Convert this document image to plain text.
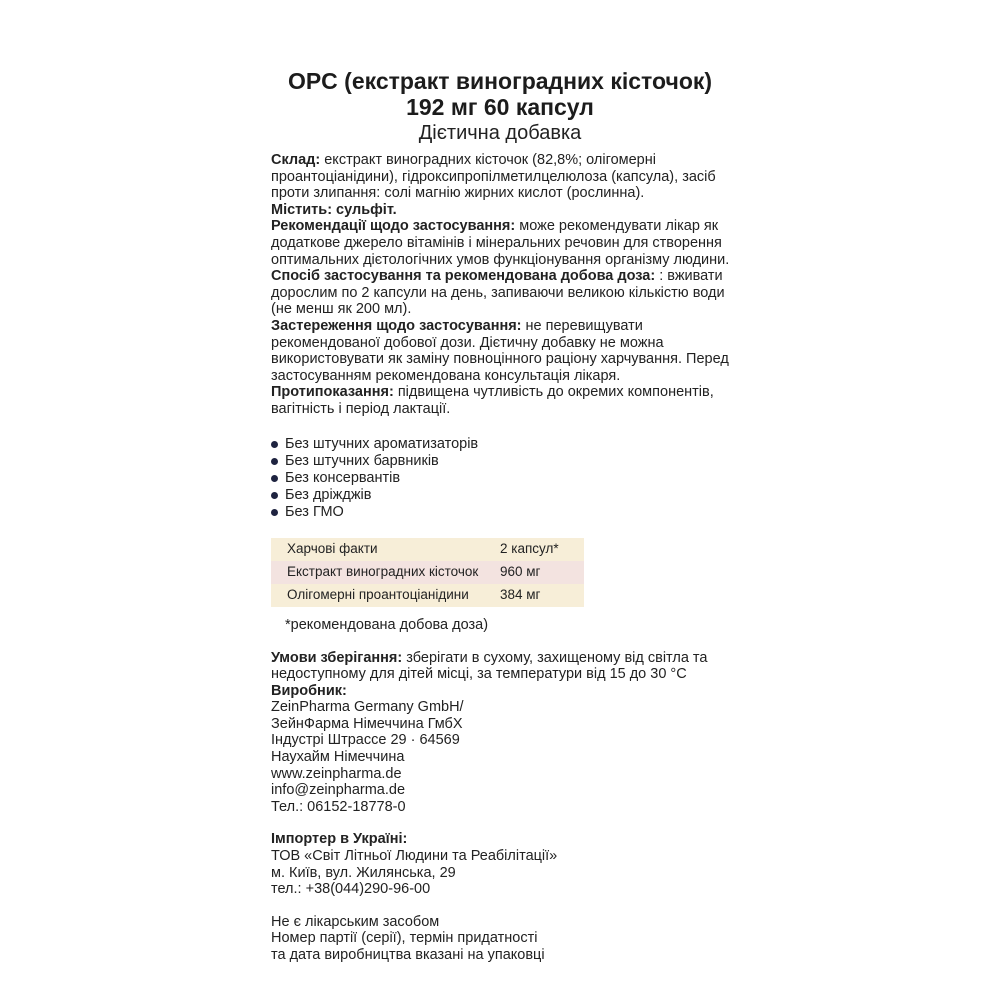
OPC (екстракт виноградних кісточок)
192 мг 60 капсул
Дієтична добавка

Склад: екстракт виноградних кісточок (82,8%; олігомерні проантоціанідини), гідроксипропілметилцелюлоза (капсула), засіб проти злипання: солі магнію жирних кислот (рослинна).

Містить: сульфіт.

Рекомендації щодо застосування: може рекомендувати лікар як додаткове джерело вітамінів і мінеральних речовин для створення оптимальних дієтологічних умов функціонування організму людини.

Спосіб застосування та рекомендована добова доза: : вживати дорослим по 2 капсули на день, запиваючи великою кількістю води (не менш як 200 мл).

Застереження щодо застосування: не перевищувати рекомендованої добової дози. Дієтичну добавку не можна використовувати як заміну повноцінного раціону харчування. Перед застосуванням рекомендована консультація лікаря.

Протипоказання: підвищена чутливість до окремих компонентів, вагітність і період лактації.

Без штучних ароматизаторів
Без штучних барвників
Без консервантів
Без дріжджів
Без ГМО
Харчові факти	2 капсул*
Екстракт виноградних кісточок	960 мг
Олігомерні проантоціанідини	384 мг

*рекомендована добова доза)

Умови зберігання: зберігати в сухому, захищеному від світла та недоступному для дітей місці, за температури від 15 до 30 °C

Виробник:
ZeinPharma Germany GmbH/
ЗейнФарма Німеччина ГмбХ
Індустрі Штрассе 29 · 64569
Наухайм Німеччина
www.zeinpharma.de
info@zeinpharma.de
Тел.: 06152-18778-0
Імпортер в Україні:
ТОВ «Світ Літньої Людини та Реабілітації»
м. Київ, вул. Жилянська, 29
тел.: +38(044)290-96-00
Не є лікарським засобом
Номер партії (серії), термін придатності
та дата виробництва вказані на упаковці
